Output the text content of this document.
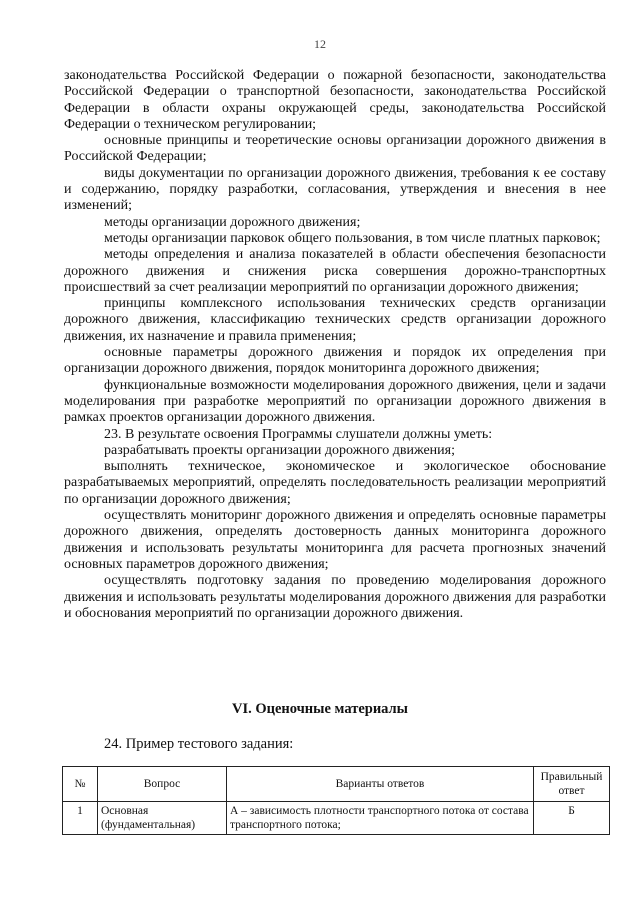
12

законодательства Российской Федерации о пожарной безопасности, законодательства Российской Федерации о транспортной безопасности, законодательства Российской Федерации в области охраны окружающей среды, законодательства Российской Федерации о техническом регулировании;

основные принципы и теоретические основы организации дорожного движения в Российской Федерации;

виды документации по организации дорожного движения, требования к ее составу и содержанию, порядку разработки, согласования, утверждения и внесения в нее изменений;

методы организации дорожного движения;

методы организации парковок общего пользования, в том числе платных парковок;

методы определения и анализа показателей в области обеспечения безопасности дорожного движения и снижения риска совершения дорожно-транспортных происшествий за счет реализации мероприятий по организации дорожного движения;

принципы комплексного использования технических средств организации дорожного движения, классификацию технических средств организации дорожного движения, их назначение и правила применения;

основные параметры дорожного движения и порядок их определения при организации дорожного движения, порядок мониторинга дорожного движения;

функциональные возможности моделирования дорожного движения, цели и задачи моделирования при разработке мероприятий по организации дорожного движения в рамках проектов организации дорожного движения.

23. В результате освоения Программы слушатели должны уметь:

разрабатывать проекты организации дорожного движения;

выполнять техническое, экономическое и экологическое обоснование разрабатываемых мероприятий, определять последовательность реализации мероприятий по организации дорожного движения;

осуществлять мониторинг дорожного движения и определять основные параметры дорожного движения, определять достоверность данных мониторинга дорожного движения и использовать результаты мониторинга для расчета прогнозных значений основных параметров дорожного движения;

осуществлять подготовку задания по проведению моделирования дорожного движения и использовать результаты моделирования дорожного движения для разработки и обоснования мероприятий по организации дорожного движения.

VI. Оценочные материалы
24. Пример тестового задания:
№	Вопрос	Варианты ответов	Правильный ответ
1	Основная (фундаментальная)	А – зависимость плотности транспортного потока от состава транспортного потока;	Б
